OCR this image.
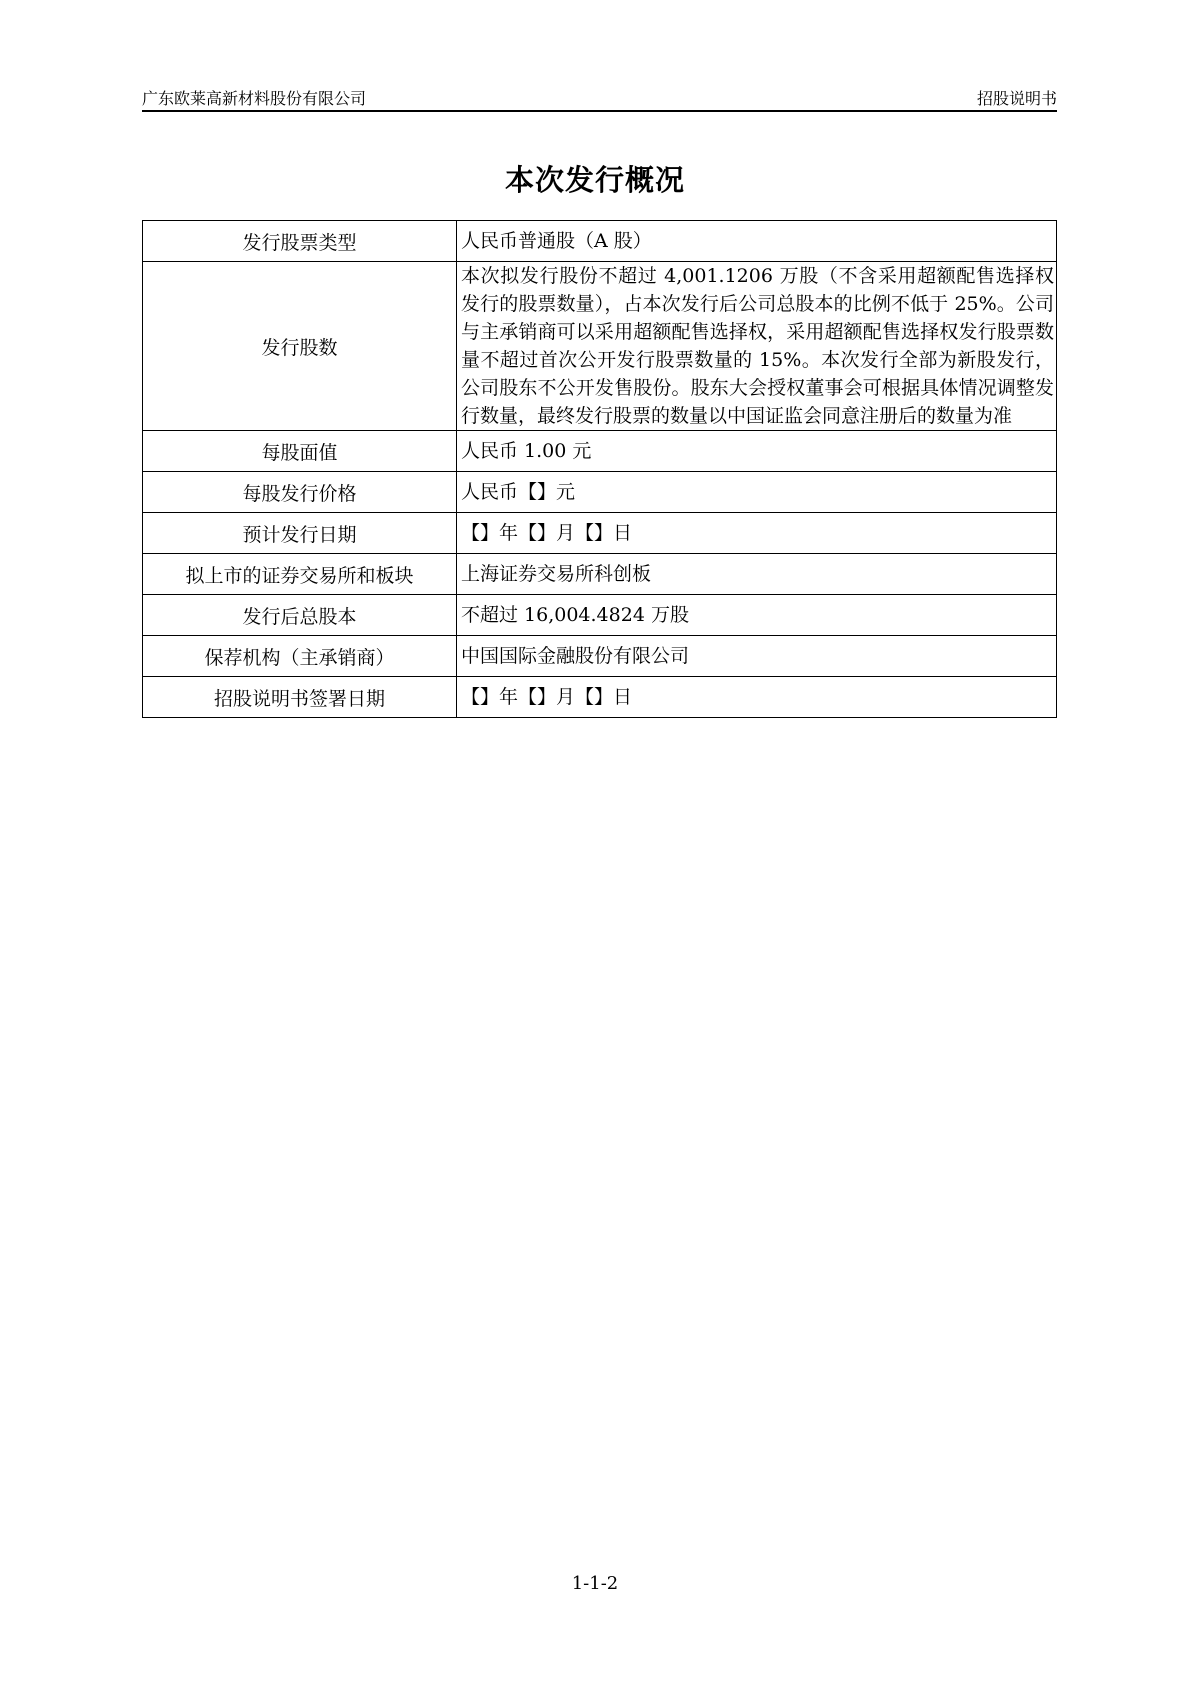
广东欧莱高新材料股份有限公司	招股说明书
本次发行概况
发行股票类型	人民币普通股（A 股）
发行股数	本次拟发行股份不超过 4,001.1206 万股（不含采用超额配售选择权发行的股票数量），占本次发行后公司总股本的比例不低于 25%。公司与主承销商可以采用超额配售选择权，采用超额配售选择权发行股票数量不超过首次公开发行股票数量的 15%。本次发行全部为新股发行，公司股东不公开发售股份。股东大会授权董事会可根据具体情况调整发行数量，最终发行股票的数量以中国证监会同意注册后的数量为准
每股面值	人民币 1.00 元
每股发行价格	人民币【】元
预计发行日期	【】年【】月【】日
拟上市的证券交易所和板块	上海证券交易所科创板
发行后总股本	不超过 16,004.4824 万股
保荐机构（主承销商）	中国国际金融股份有限公司
招股说明书签署日期	【】年【】月【】日
1-1-2
